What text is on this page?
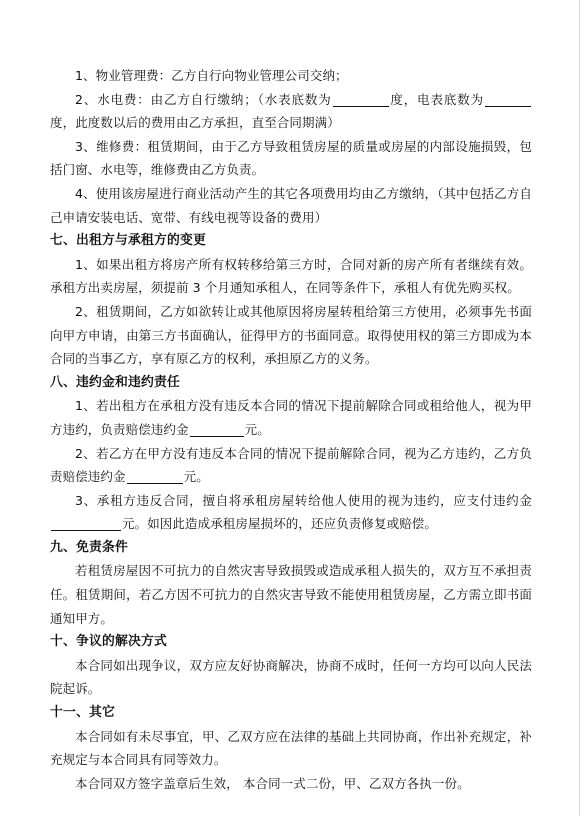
1、物业管理费：乙方自行向物业管理公司交纳；

2、水电费：由乙方自行缴纳；（水表底数为	度，电表底数为度，此度数以后的费用由乙方承担，直至合同期满）

3、维修费：租赁期间，由于乙方导致租赁房屋的质量或房屋的内部设施损毁，包括门窗、水电等，维修费由乙方负责。

4、使用该房屋进行商业活动产生的其它各项费用均由乙方缴纳，（其中包括乙方自己申请安装电话、宽带、有线电视等设备的费用）

七、出租方与承租方的变更

1、如果出租方将房产所有权转移给第三方时，合同对新的房产所有者继续有效。承租方出卖房屋，须提前 3 个月通知承租人，在同等条件下，承租人有优先购买权。

2、租赁期间，乙方如欲转让或其他原因将房屋转租给第三方使用，必须事先书面向甲方申请，由第三方书面确认，征得甲方的书面同意。取得使用权的第三方即成为本合同的当事乙方，享有原乙方的权利，承担原乙方的义务。

八、违约金和违约责任

1、若出租方在承租方没有违反本合同的情况下提前解除合同或租给他人，视为甲方违约，负责赔偿违约金	元。

2、若乙方在甲方没有违反本合同的情况下提前解除合同，视为乙方违约，乙方负责赔偿违约金	元。

3、承租方违反合同，擅自将承租房屋转给他人使用的视为违约，应支付违约金元。如因此造成承租房屋损坏的，还应负责修复或赔偿。

九、免责条件

若租赁房屋因不可抗力的自然灾害导致损毁或造成承租人损失的，双方互不承担责任。租赁期间，若乙方因不可抗力的自然灾害导致不能使用租赁房屋，乙方需立即书面通知甲方。

十、争议的解决方式

本合同如出现争议，双方应友好协商解决，协商不成时，任何一方均可以向人民法院起诉。

十一、其它

本合同如有未尽事宜，甲、乙双方应在法律的基础上共同协商，作出补充规定，补充规定与本合同具有同等效力。

本合同双方签字盖章后生效， 本合同一式二份，甲、乙双方各执一份。
